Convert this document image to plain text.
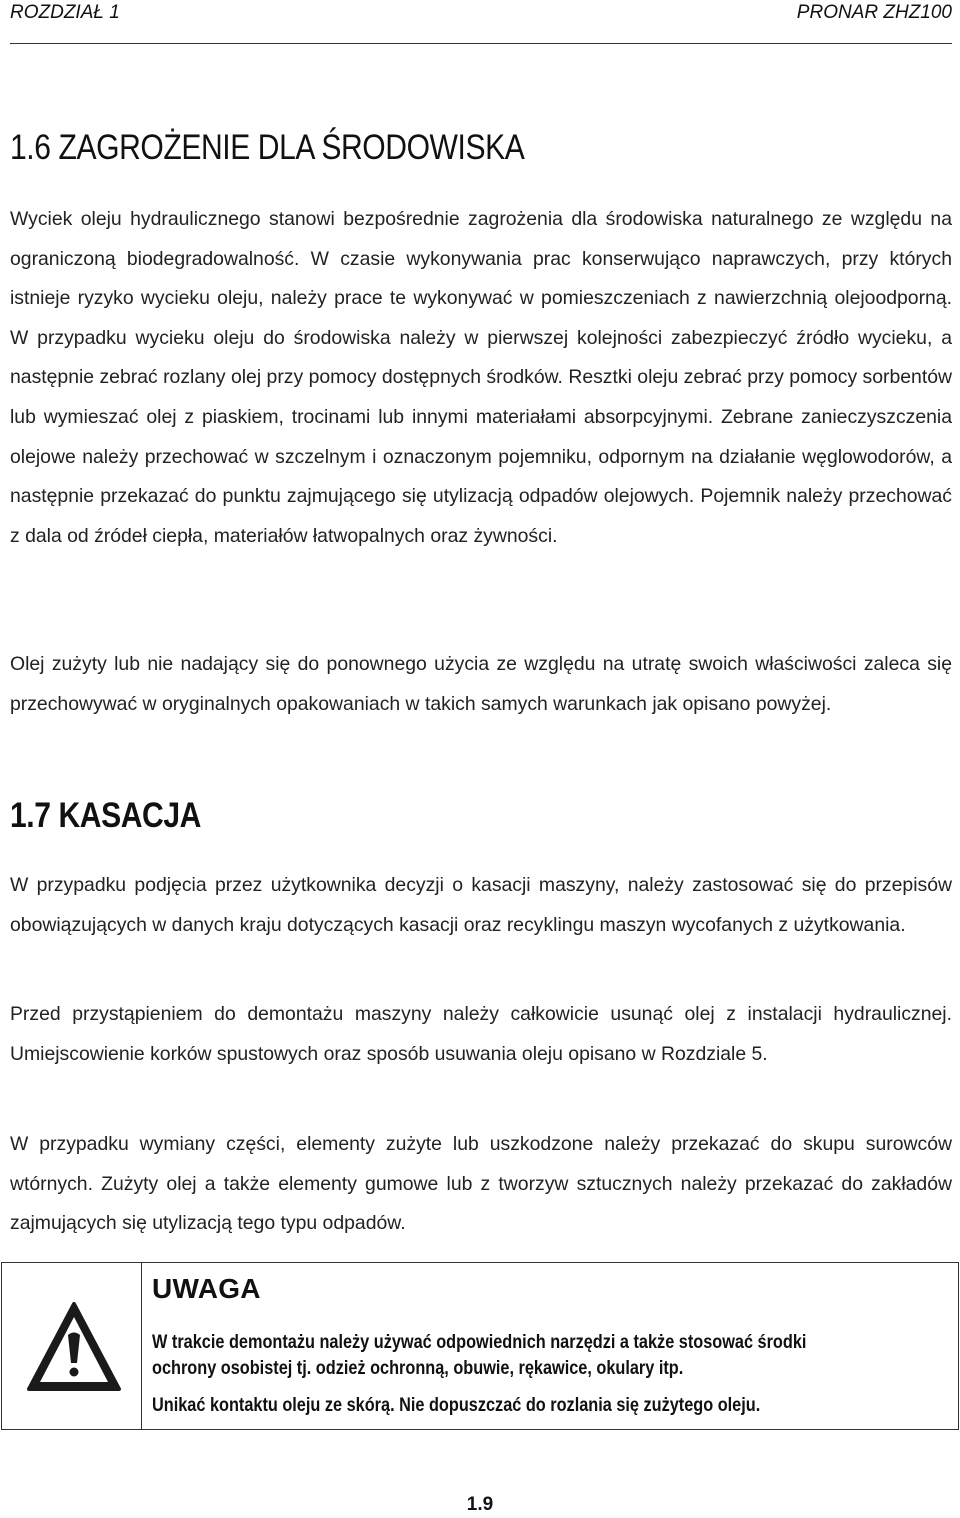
ROZDZIAŁ 1	PRONAR ZHZ100
1.6 ZAGROŻENIE DLA ŚRODOWISKA

Wyciek oleju hydraulicznego stanowi bezpośrednie zagrożenia dla środowiska naturalnego ze względu na ograniczoną biodegradowalność. W czasie wykonywania prac konserwująco naprawczych, przy których istnieje ryzyko wycieku oleju, należy prace te wykonywać w pomieszczeniach z nawierzchnią olejoodporną. W przypadku wycieku oleju do środowiska należy w pierwszej kolejności zabezpieczyć źródło wycieku, a następnie zebrać rozlany olej przy pomocy dostępnych środków. Resztki oleju zebrać przy pomocy sorbentów lub wymieszać olej z piaskiem, trocinami lub innymi materiałami absorpcyjnymi. Zebrane zanieczyszczenia olejowe należy przechować w szczelnym i oznaczonym pojemniku, odpornym na działanie węglowodorów, a następnie przekazać do punktu zajmującego się utylizacją odpadów olejowych. Pojemnik należy przechować z dala od źródeł ciepła, materiałów łatwopalnych oraz żywności.

Olej zużyty lub nie nadający się do ponownego użycia ze względu na utratę swoich właściwości zaleca się przechowywać w oryginalnych opakowaniach w takich samych warunkach jak opisano powyżej.

1.7 KASACJA

W przypadku podjęcia przez użytkownika decyzji o kasacji maszyny, należy zastosować się do przepisów obowiązujących w danych kraju dotyczących kasacji oraz recyklingu maszyn wycofanych z użytkowania.

Przed przystąpieniem do demontażu maszyny należy całkowicie usunąć olej z instalacji hydraulicznej. Umiejscowienie korków spustowych oraz sposób usuwania oleju opisano w Rozdziale 5.

W przypadku wymiany części, elementy zużyte lub uszkodzone należy przekazać do skupu surowców wtórnych. Zużyty olej a także elementy gumowe lub z tworzyw sztucznych należy przekazać do zakładów zajmujących się utylizacją tego typu odpadów.

UWAGA
W trakcie demontażu należy używać odpowiednich narzędzi a także stosować środki
ochrony osobistej tj. odzież ochronną, obuwie, rękawice, okulary itp.
Unikać kontaktu oleju ze skórą. Nie dopuszczać do rozlania się zużytego oleju.
1.9
